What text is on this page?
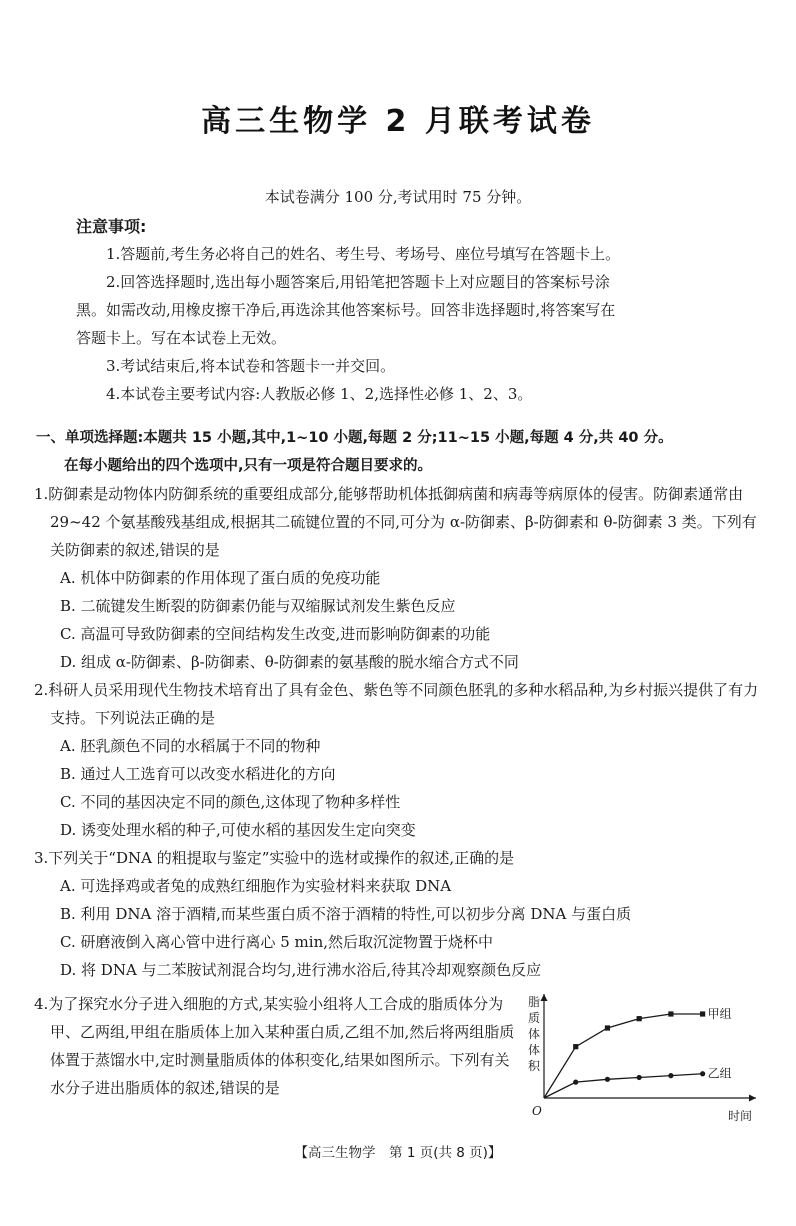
高三生物学 2 月联考试卷
本试卷满分 100 分,考试用时 75 分钟。
注意事项:

1.答题前,考生务必将自己的姓名、考生号、考场号、座位号填写在答题卡上。

2.回答选择题时,选出每小题答案后,用铅笔把答题卡上对应题目的答案标号涂

黑。如需改动,用橡皮擦干净后,再选涂其他答案标号。回答非选择题时,将答案写在

答题卡上。写在本试卷上无效。

3.考试结束后,将本试卷和答题卡一并交回。

4.本试卷主要考试内容:人教版必修 1、2,选择性必修 1、2、3。

一、单项选择题:本题共 15 小题,其中,1~10 小题,每题 2 分;11~15 小题,每题 4 分,共 40 分。
在每小题给出的四个选项中,只有一项是符合题目要求的。

1.防御素是动物体内防御系统的重要组成部分,能够帮助机体抵御病菌和病毒等病原体的侵害。防御素通常由 29~42 个氨基酸残基组成,根据其二硫键位置的不同,可分为 α-防御素、β-防御素和 θ-防御素 3 类。下列有关防御素的叙述,错误的是

A. 机体中防御素的作用体现了蛋白质的免疫功能

B. 二硫键发生断裂的防御素仍能与双缩脲试剂发生紫色反应

C. 高温可导致防御素的空间结构发生改变,进而影响防御素的功能

D. 组成 α-防御素、β-防御素、θ-防御素的氨基酸的脱水缩合方式不同

2.科研人员采用现代生物技术培育出了具有金色、紫色等不同颜色胚乳的多种水稻品种,为乡村振兴提供了有力支持。下列说法正确的是

A. 胚乳颜色不同的水稻属于不同的物种

B. 通过人工选育可以改变水稻进化的方向

C. 不同的基因决定不同的颜色,这体现了物种多样性

D. 诱变处理水稻的种子,可使水稻的基因发生定向突变

3.下列关于“DNA 的粗提取与鉴定”实验中的选材或操作的叙述,正确的是

A. 可选择鸡或者兔的成熟红细胞作为实验材料来获取 DNA

B. 利用 DNA 溶于酒精,而某些蛋白质不溶于酒精的特性,可以初步分离 DNA 与蛋白质

C. 研磨液倒入离心管中进行离心 5 min,然后取沉淀物置于烧杯中

D. 将 DNA 与二苯胺试剂混合均匀,进行沸水浴后,待其冷却观察颜色反应

4.为了探究水分子进入细胞的方式,某实验小组将人工合成的脂质体分为甲、乙两组,甲组在脂质体上加入某种蛋白质,乙组不加,然后将两组脂质体置于蒸馏水中,定时测量脂质体的体积变化,结果如图所示。下列有关水分子进出脂质体的叙述,错误的是

脂
质
体
体
积
时间
O
甲组
乙组
【高三生物学　第 1 页(共 8 页)】
